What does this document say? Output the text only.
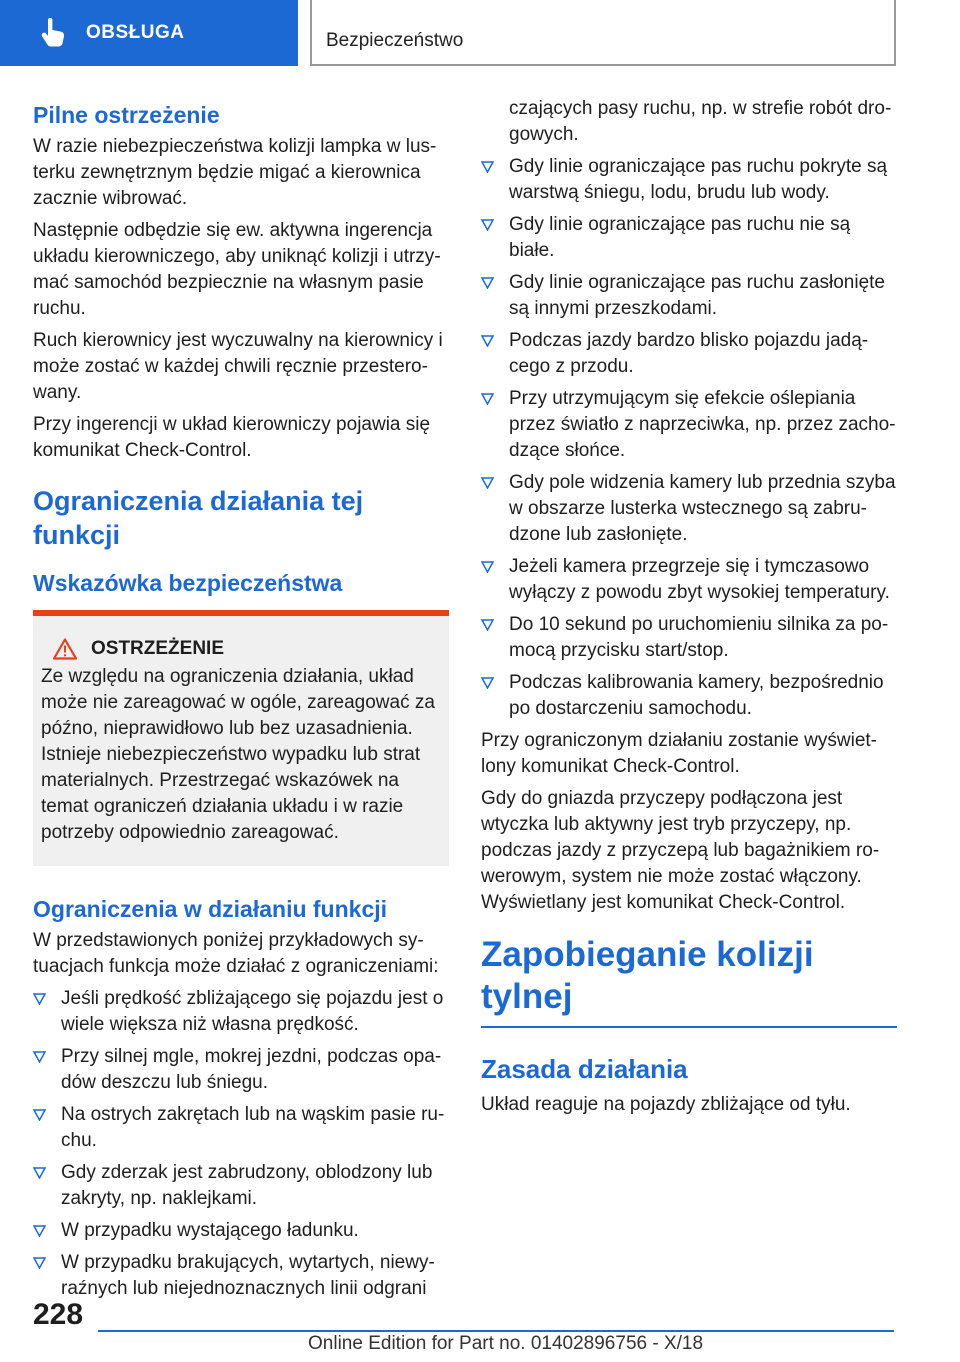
OBSŁUGA	Bezpieczeństwo
Pilne ostrzeżenie

W razie niebezpieczeństwa kolizji lampka w lusterku zewnętrznym będzie migać a kierownica zacznie wibrować.

Następnie odbędzie się ew. aktywna ingerencja układu kierowniczego, aby uniknąć kolizji i utrzymać samochód bezpiecznie na własnym pasie ruchu.

Ruch kierownicy jest wyczuwalny na kierownicy i może zostać w każdej chwili ręcznie przesterowany.

Przy ingerencji w układ kierowniczy pojawia się komunikat Check-Control.

Ograniczenia działania tej funkcji
Wskazówka bezpieczeństwa
OSTRZEŻENIE

Ze względu na ograniczenia działania, układ może nie zareagować w ogóle, zareagować za późno, nieprawidłowo lub bez uzasadnienia. Istnieje niebezpieczeństwo wypadku lub strat materialnych. Przestrzegać wskazówek na temat ograniczeń działania układu i w razie potrzeby odpowiednio zareagować.

Ograniczenia w działaniu funkcji

W przedstawionych poniżej przykładowych sytuacjach funkcja może działać z ograniczeniami:

Jeśli prędkość zbliżającego się pojazdu jest o wiele większa niż własna prędkość.
Przy silnej mgle, mokrej jezdni, podczas opadów deszczu lub śniegu.
Na ostrych zakrętach lub na wąskim pasie ruchu.
Gdy zderzak jest zabrudzony, oblodzony lub zakryty, np. naklejkami.
W przypadku wystającego ładunku.
W przypadku brakujących, wytartych, niewyraźnych lub niejednoznacznych linii odgrani
czających pasy ruchu, np. w strefie robót drogowych.
Gdy linie ograniczające pas ruchu pokryte są warstwą śniegu, lodu, brudu lub wody.
Gdy linie ograniczające pas ruchu nie są białe.
Gdy linie ograniczające pas ruchu zasłonięte są innymi przeszkodami.
Podczas jazdy bardzo blisko pojazdu jadącego z przodu.
Przy utrzymującym się efekcie oślepiania przez światło z naprzeciwka, np. przez zachodzące słońce.
Gdy pole widzenia kamery lub przednia szyba w obszarze lusterka wstecznego są zabrudzone lub zasłonięte.
Jeżeli kamera przegrzeje się i tymczasowo wyłączy z powodu zbyt wysokiej temperatury.
Do 10 sekund po uruchomieniu silnika za pomocą przycisku start/stop.
Podczas kalibrowania kamery, bezpośrednio po dostarczeniu samochodu.

Przy ograniczonym działaniu zostanie wyświetlony komunikat Check-Control.

Gdy do gniazda przyczepy podłączona jest wtyczka lub aktywny jest tryb przyczepy, np. podczas jazdy z przyczepą lub bagażnikiem rowerowym, system nie może zostać włączony. Wyświetlany jest komunikat Check-Control.

Zapobieganie kolizji tylnej
Zasada działania

Układ reaguje na pojazdy zbliżające od tyłu.

228
Online Edition for Part no. 01402896756 - X/18
